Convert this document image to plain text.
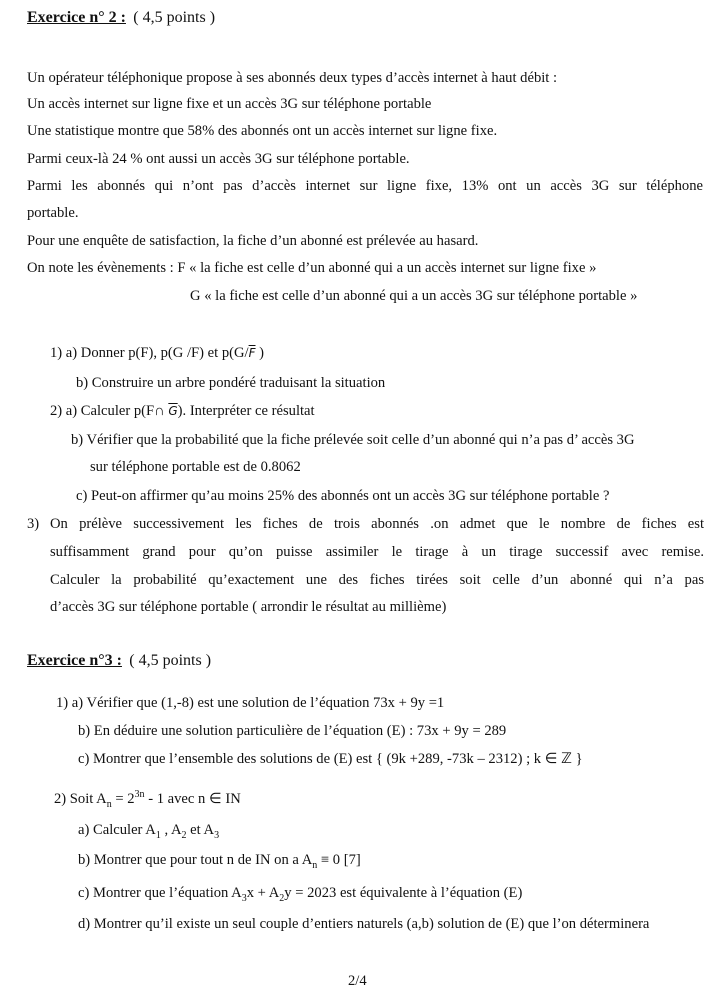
Exercice n° 2 : ( 4,5 points )
Un opérateur téléphonique propose à ses abonnés deux types d’accès internet à haut débit :
Un accès internet sur ligne fixe et un accès 3G sur téléphone portable
Une statistique montre que 58% des abonnés ont un accès internet sur ligne fixe.
Parmi ceux-là 24 % ont aussi un accès 3G sur téléphone portable.
Parmi les abonnés qui n’ont pas d’accès internet sur ligne fixe, 13% ont un accès 3G sur téléphone
portable.
Pour une enquête de satisfaction, la fiche d’un abonné est prélevée au hasard.
On note les évènements : F « la fiche est celle d’un abonné qui a un accès internet sur ligne fixe »
G « la fiche est celle d’un abonné qui a un accès 3G sur téléphone portable »
1) a) Donner p(F), p(G /F) et $p(G/\overline{F}$ )
b) Construire un arbre pondéré traduisant la situation
2) a) Calculer p(F∩ $\overline{G}$). Interpréter ce résultat
b) Vérifier que la probabilité que la fiche prélevée soit celle d’un abonné qui n’a pas d’ accès 3G
sur téléphone portable est de 0.8062
c) Peut-on affirmer qu’au moins 25% des abonnés ont un accès 3G sur téléphone portable ?
3) On prélève successivement les fiches de trois abonnés .on admet que le nombre de fiches est
suffisamment grand pour qu’on puisse assimiler le tirage à un tirage successif avec remise.
Calculer la probabilité qu’exactement une des fiches tirées soit celle d’un abonné qui n’a pas
d’accès 3G sur téléphone portable ( arrondir le résultat au millième)
Exercice n°3 : ( 4,5 points )
1) a) Vérifier que (1,-8) est une solution de l’équation 73x + 9y =1
b) En déduire une solution particulière de l’équation (E) : 73x + 9y = 289
c) Montrer que l’ensemble des solutions de (E) est { (9k +289, -73k – 2312) ; k ∈ ℤ }
2) Soit $A_n = 2^{3n} - 1$ avec n ∈ IN
a) Calculer $A_1$ , $A_2$ et $A_3$
b) Montrer que pour tout n de IN on a $A_n \equiv 0$ [7]
c) Montrer que l’équation $A_3x + A_2y = 2023$ est équivalente à l’équation (E)
d) Montrer qu’il existe un seul couple d’entiers naturels (a,b) solution de (E) que l’on déterminera
2/4
